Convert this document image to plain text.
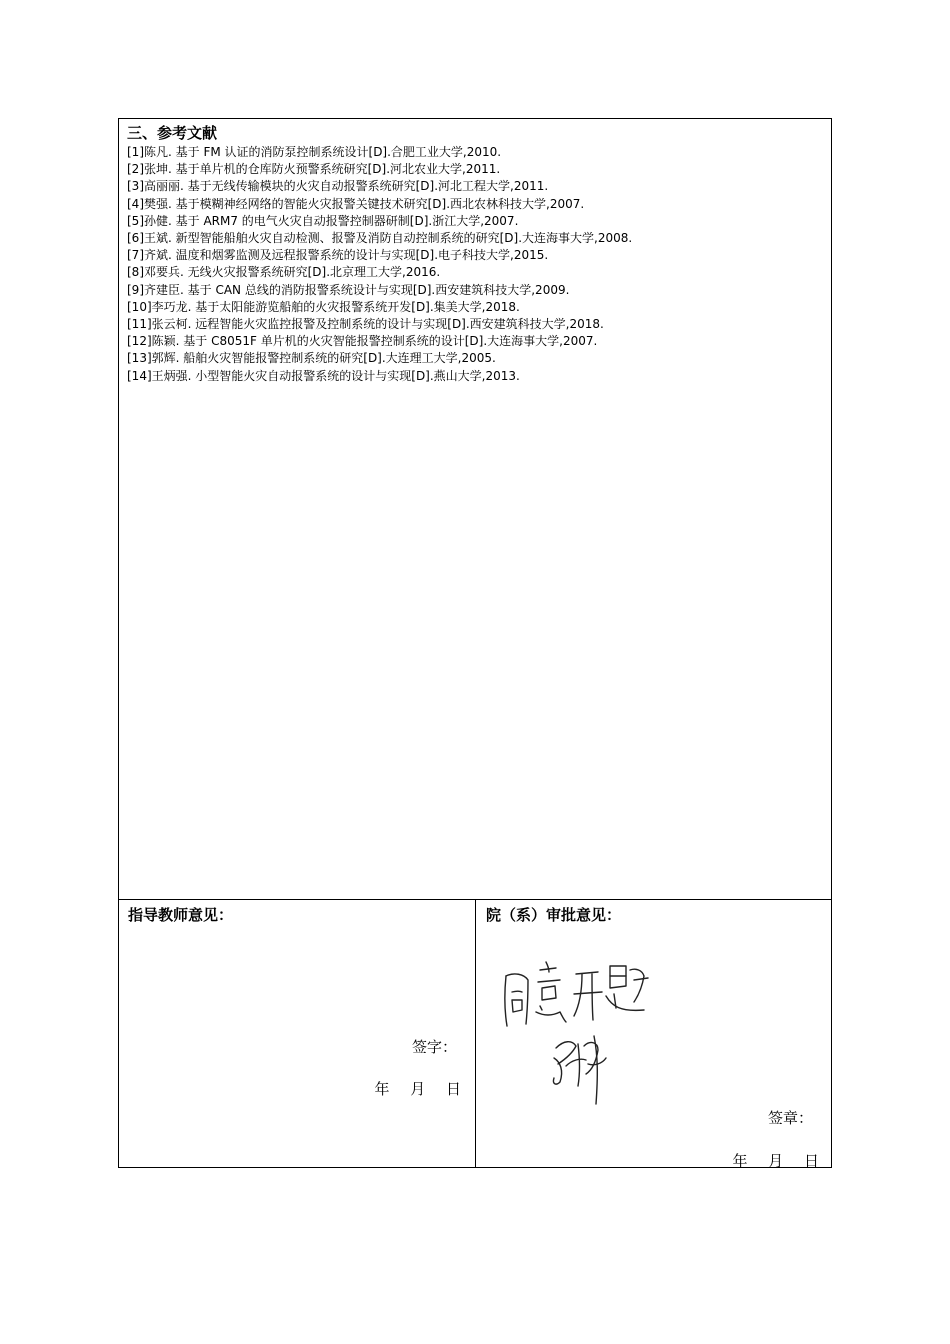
三、参考文献
[1]陈凡. 基于 FM 认证的消防泵控制系统设计[D].合肥工业大学,2010.
[2]张坤. 基于单片机的仓库防火预警系统研究[D].河北农业大学,2011.
[3]高丽丽. 基于无线传输模块的火灾自动报警系统研究[D].河北工程大学,2011.
[4]樊强. 基于模糊神经网络的智能火灾报警关键技术研究[D].西北农林科技大学,2007.
[5]孙健. 基于 ARM7 的电气火灾自动报警控制器研制[D].浙江大学,2007.
[6]王斌. 新型智能船舶火灾自动检测、报警及消防自动控制系统的研究[D].大连海事大学,2008.
[7]齐斌. 温度和烟雾监测及远程报警系统的设计与实现[D].电子科技大学,2015.
[8]邓要兵. 无线火灾报警系统研究[D].北京理工大学,2016.
[9]齐建臣. 基于 CAN 总线的消防报警系统设计与实现[D].西安建筑科技大学,2009.
[10]李巧龙. 基于太阳能游览船舶的火灾报警系统开发[D].集美大学,2018.
[11]张云柯. 远程智能火灾监控报警及控制系统的设计与实现[D].西安建筑科技大学,2018.
[12]陈颖. 基于 C8051F 单片机的火灾智能报警控制系统的设计[D].大连海事大学,2007.
[13]郭辉. 船舶火灾智能报警控制系统的研究[D].大连理工大学,2005.
[14]王炳强. 小型智能火灾自动报警系统的设计与实现[D].燕山大学,2013.
指导教师意见：
签字：
年 月 日
院（系）审批意见：
签章：
年 月 日
